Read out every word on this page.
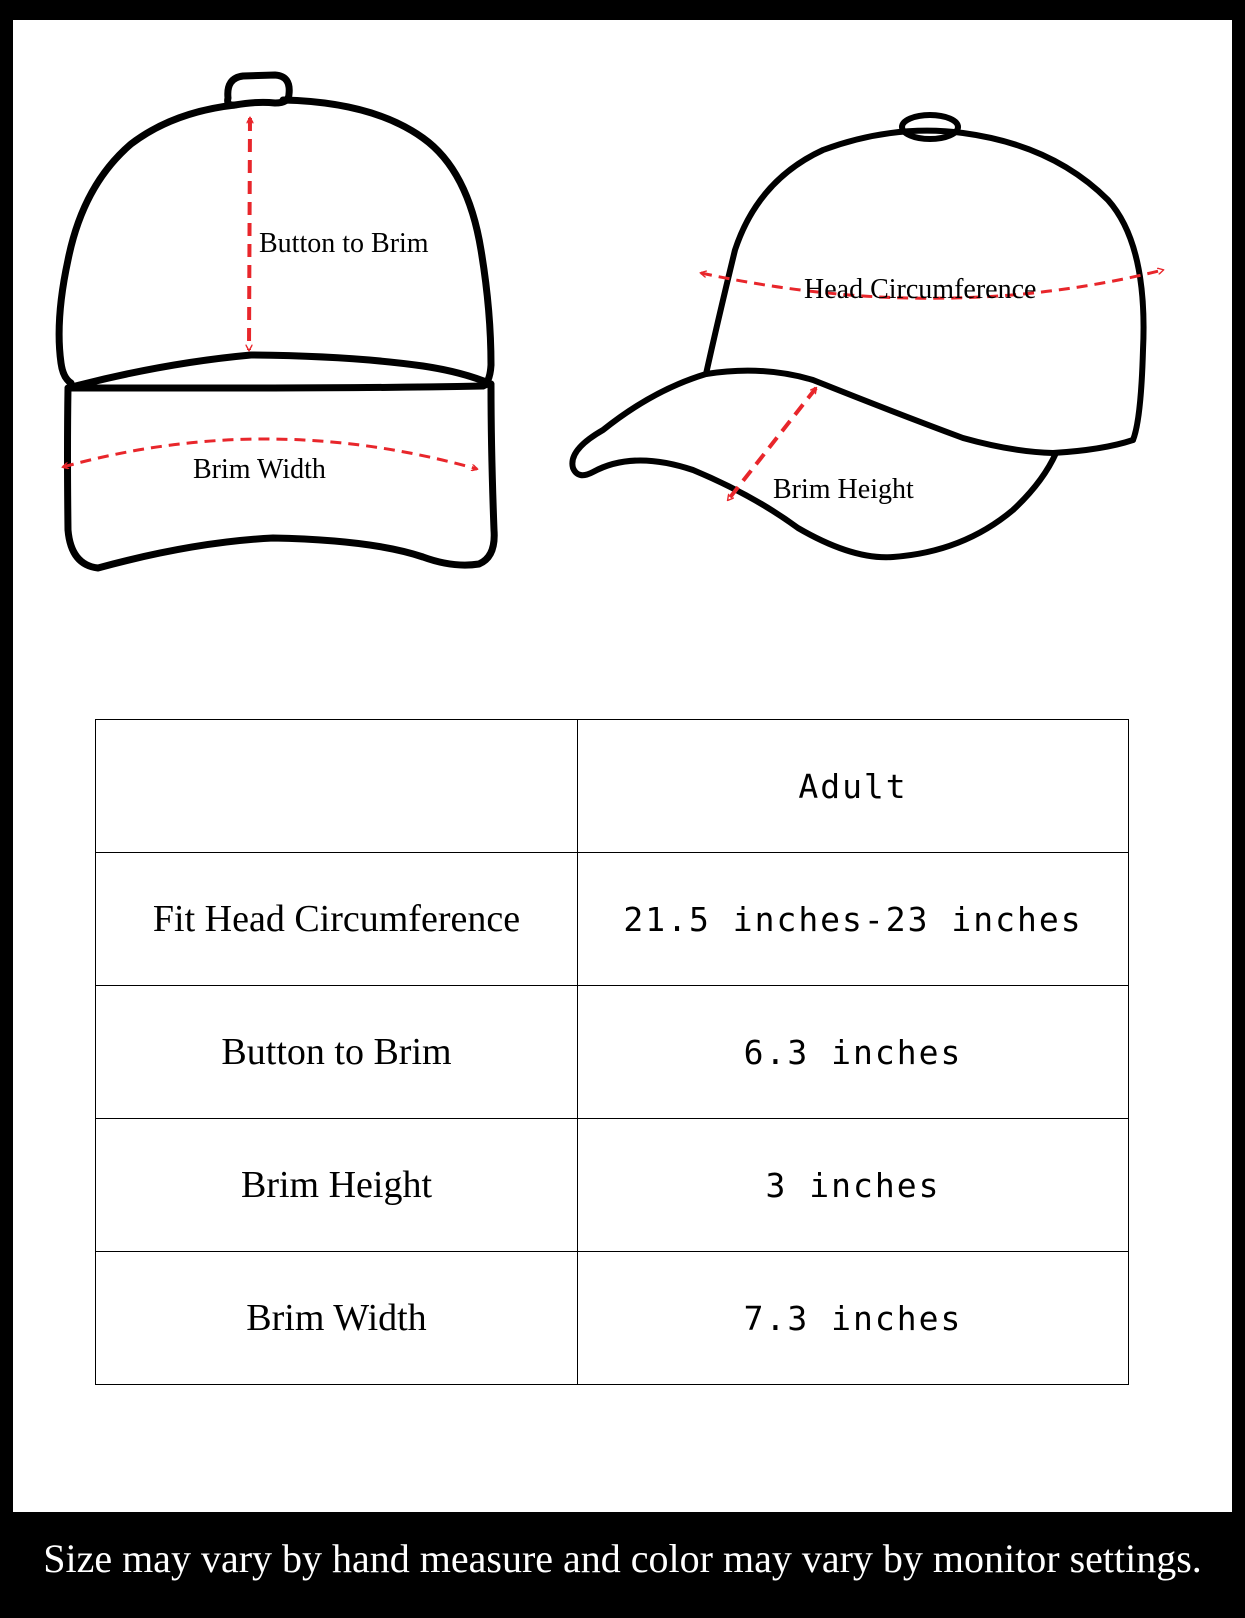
Button to Brim
Brim Width
Head Circumference
Brim Height
	Adult
Fit Head Circumference	21.5 inches-23 inches
Button to Brim	6.3 inches
Brim Height	3 inches
Brim Width	7.3 inches
Size may vary by hand measure and color may vary by monitor settings.
